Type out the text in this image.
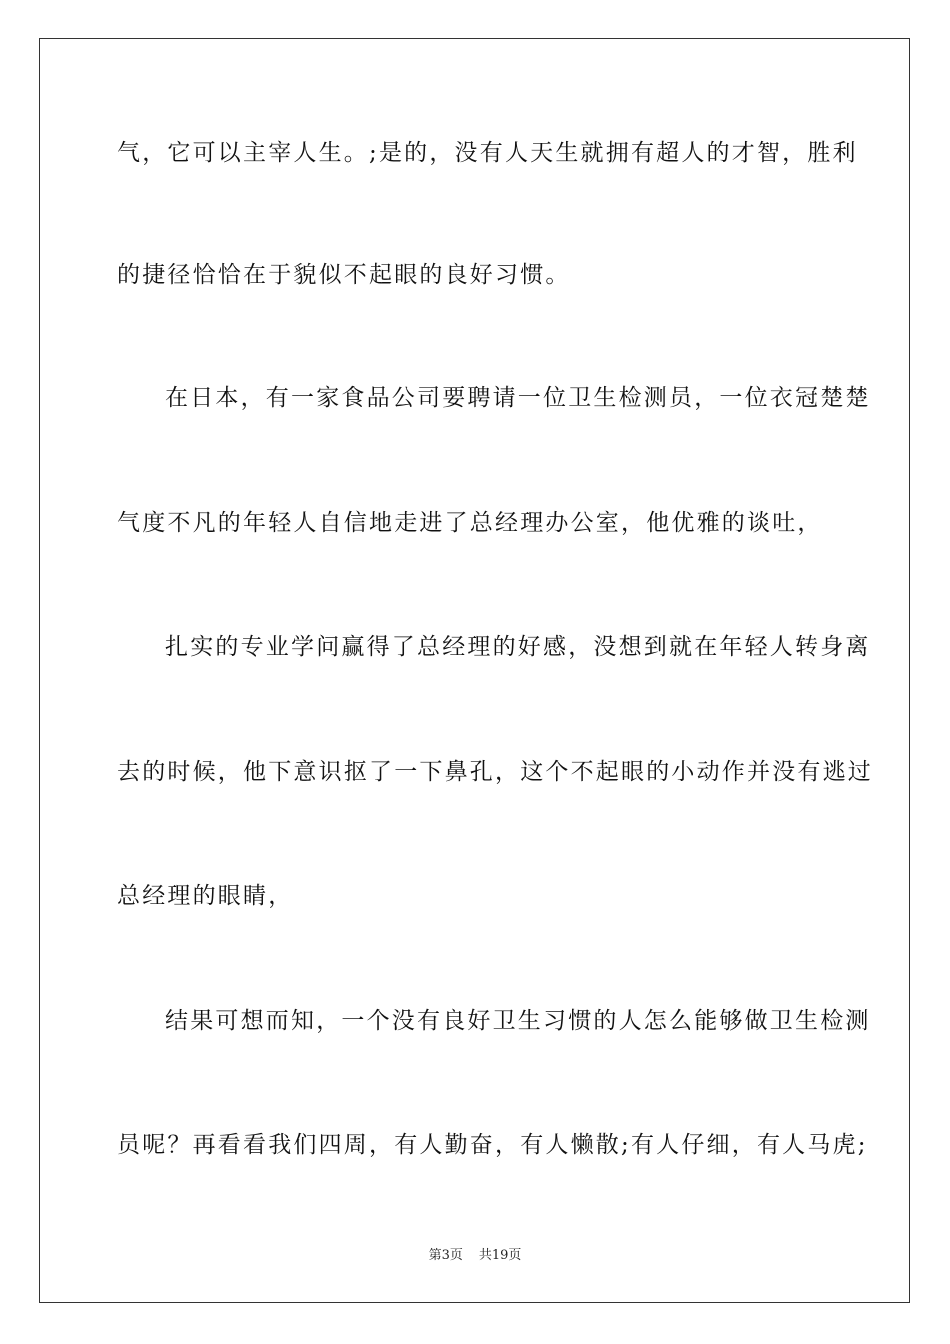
气，它可以主宰人生。;是的，没有人天生就拥有超人的才智，胜利
的捷径恰恰在于貌似不起眼的良好习惯。
在日本，有一家食品公司要聘请一位卫生检测员，一位衣冠楚楚
气度不凡的年轻人自信地走进了总经理办公室，他优雅的谈吐，
扎实的专业学问赢得了总经理的好感，没想到就在年轻人转身离
去的时候，他下意识抠了一下鼻孔，这个不起眼的小动作并没有逃过
总经理的眼睛，
结果可想而知，一个没有良好卫生习惯的人怎么能够做卫生检测
员呢？再看看我们四周，有人勤奋，有人懒散;有人仔细，有人马虎;
第3页 共19页
